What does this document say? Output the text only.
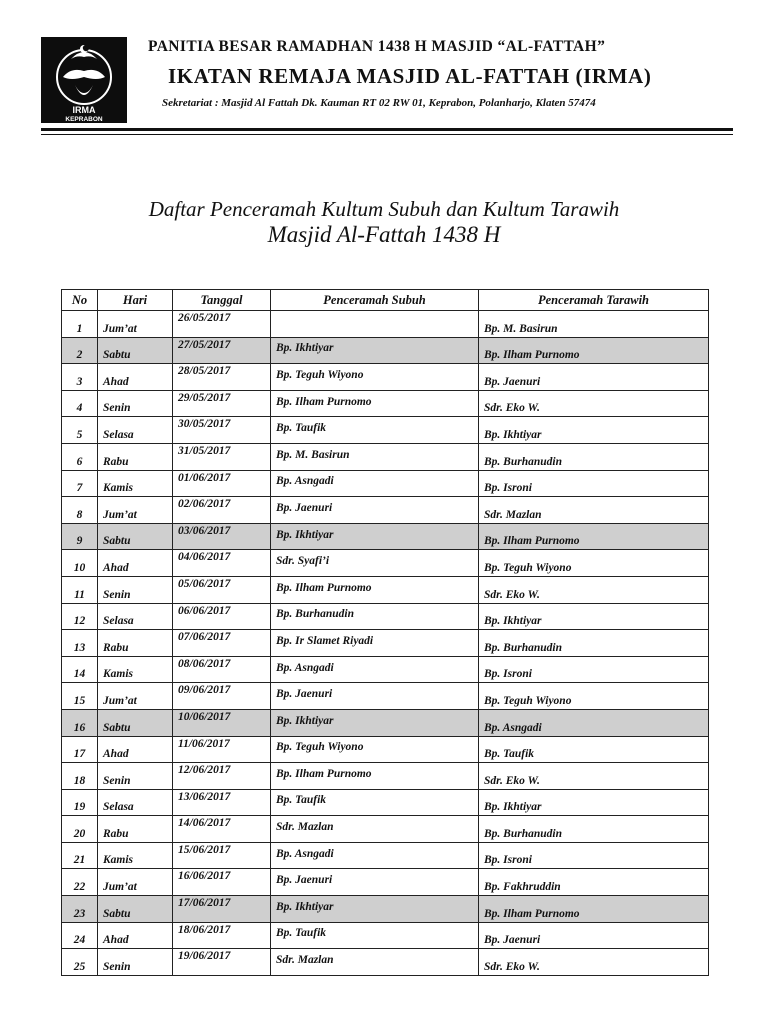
IRMA
KEPRABON
PANITIA BESAR RAMADHAN 1438 H MASJID “AL-FATTAH”
IKATAN REMAJA MASJID AL-FATTAH (IRMA)
Sekretariat : Masjid Al Fattah Dk. Kauman RT 02 RW 01, Keprabon, Polanharjo, Klaten 57474
Daftar Penceramah Kultum Subuh dan Kultum Tarawih
Masjid Al-Fattah 1438 H
No	Hari	Tanggal	Penceramah Subuh	Penceramah Tarawih
1	Jum’at	26/05/2017		Bp. M. Basirun
2	Sabtu	27/05/2017	Bp. Ikhtiyar	Bp. Ilham Purnomo
3	Ahad	28/05/2017	Bp. Teguh Wiyono	Bp. Jaenuri
4	Senin	29/05/2017	Bp. Ilham Purnomo	Sdr. Eko W.
5	Selasa	30/05/2017	Bp. Taufik	Bp. Ikhtiyar
6	Rabu	31/05/2017	Bp. M. Basirun	Bp. Burhanudin
7	Kamis	01/06/2017	Bp. Asngadi	Bp. Isroni
8	Jum’at	02/06/2017	Bp. Jaenuri	Sdr. Mazlan
9	Sabtu	03/06/2017	Bp. Ikhtiyar	Bp. Ilham Purnomo
10	Ahad	04/06/2017	Sdr. Syafi’i	Bp. Teguh Wiyono
11	Senin	05/06/2017	Bp. Ilham Purnomo	Sdr. Eko W.
12	Selasa	06/06/2017	Bp. Burhanudin	Bp. Ikhtiyar
13	Rabu	07/06/2017	Bp. Ir Slamet Riyadi	Bp. Burhanudin
14	Kamis	08/06/2017	Bp. Asngadi	Bp. Isroni
15	Jum’at	09/06/2017	Bp. Jaenuri	Bp. Teguh Wiyono
16	Sabtu	10/06/2017	Bp. Ikhtiyar	Bp. Asngadi
17	Ahad	11/06/2017	Bp. Teguh Wiyono	Bp. Taufik
18	Senin	12/06/2017	Bp. Ilham Purnomo	Sdr. Eko W.
19	Selasa	13/06/2017	Bp. Taufik	Bp. Ikhtiyar
20	Rabu	14/06/2017	Sdr. Mazlan	Bp. Burhanudin
21	Kamis	15/06/2017	Bp. Asngadi	Bp. Isroni
22	Jum’at	16/06/2017	Bp. Jaenuri	Bp. Fakhruddin
23	Sabtu	17/06/2017	Bp. Ikhtiyar	Bp. Ilham Purnomo
24	Ahad	18/06/2017	Bp. Taufik	Bp. Jaenuri
25	Senin	19/06/2017	Sdr. Mazlan	Sdr. Eko W.
